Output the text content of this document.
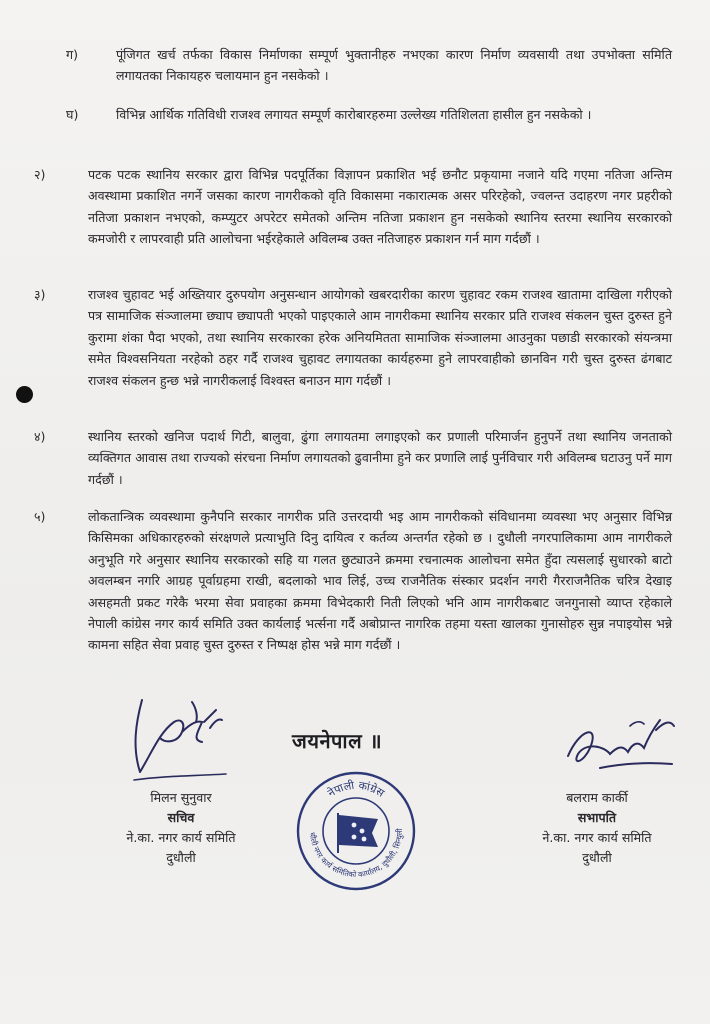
ग)	पूंजिगत खर्च तर्फका विकास निर्माणका सम्पूर्ण भुक्तानीहरु नभएका कारण निर्माण व्यवसायी तथा उपभोक्ता समिति लगायतका निकायहरु चलायमान हुन नसकेको ।
घ)	विभिन्न आर्थिक गतिविधी राजश्व लगायत सम्पूर्ण कारोबारहरुमा उल्लेख्य गतिशिलता हासील हुन नसकेको ।
२)	पटक पटक स्थानिय सरकार द्वारा विभिन्न पदपूर्तिका विज्ञापन प्रकाशित भई छनौट प्रकृयामा नजाने यदि गएमा नतिजा अन्तिम अवस्थामा प्रकाशित नगर्ने जसका कारण नागरीकको वृति विकासमा नकारात्मक असर परिरहेको, ज्वलन्त उदाहरण नगर प्रहरीको नतिजा प्रकाशन नभएको, कम्प्युटर अपरेटर समेतको अन्तिम नतिजा प्रकाशन हुन नसकेको स्थानिय स्तरमा स्थानिय सरकारको कमजोरी र लापरवाही प्रति आलोचना भईरहेकाले अविलम्ब उक्त नतिजाहरु प्रकाशन गर्न माग गर्दछौं ।
३)	राजश्व चुहावट भई अख्तियार दुरुपयोग अनुसन्धान आयोगको खबरदारीका कारण चुहावट रकम राजश्व खातामा दाखिला गरीएको पत्र सामाजिक संञ्जालमा छ्याप छ्यापती भएको पाइएकाले आम नागरीकमा स्थानिय सरकार प्रति राजश्व संकलन चुस्त दुरुस्त हुने कुरामा शंका पैदा भएको, तथा स्थानिय सरकारका हरेक अनियमितता सामाजिक संञ्जालमा आउनुका पछाडी सरकारको संयन्त्रमा समेत विश्वसनियता नरहेको ठहर गर्दै राजश्व चुहावट लगायतका कार्यहरुमा हुने लापरवाहीको छानविन गरी चुस्त दुरुस्त ढंगबाट राजश्व संकलन हुन्छ भन्ने नागरीकलाई विश्वस्त बनाउन माग गर्दछौं ।
४)	स्थानिय स्तरको खनिज पदार्थ गिटी, बालुवा, ढुंगा लगायतमा लगाइएको कर प्रणाली परिमार्जन हुनुपर्ने तथा स्थानिय जनताको व्यक्तिगत आवास तथा राज्यको संरचना निर्माण लगायतको ढुवानीमा हुने कर प्रणालि लाई पुर्नविचार गरी अविलम्ब घटाउनु पर्ने माग गर्दछौं ।
५)	लोकतान्त्रिक व्यवस्थामा कुनैपनि सरकार नागरीक प्रति उत्तरदायी भइ आम नागरीकको संविधानमा व्यवस्था भए अनुसार विभिन्न किसिमका अधिकारहरुको संरक्षणले प्रत्याभुति दिनु दायित्व र कर्तव्य अन्तर्गत रहेको छ । दुधौली नगरपालिकामा आम नागरीकले अनुभूति गरे अनुसार स्थानिय सरकारको सहि या गलत छुट्याउने क्रममा रचनात्मक आलोचना समेत हुँदा त्यसलाई सुधारको बाटो अवलम्बन नगरि आग्रह पूर्वाग्रहमा राखी, बदलाको भाव लिई, उच्च राजनैतिक संस्कार प्रदर्शन नगरी गैरराजनैतिक चरित्र देखाइ असहमती प्रकट गरेकै भरमा सेवा प्रवाहका क्रममा विभेदकारी निती लिएको भनि आम नागरीकबाट जनगुनासो व्याप्त रहेकाले नेपाली कांग्रेस नगर कार्य समिति उक्त कार्यलाई भर्त्सना गर्दै अबोप्रान्त नागरिक तहमा यस्ता खालका गुनासोहरु सुन्न नपाइयोस भन्ने कामना सहित सेवा प्रवाह चुस्त दुरुस्त र निष्पक्ष होस भन्ने माग गर्दछौं ।
जयनेपाल ॥
नेपाली कांग्रेस
धौली नगर कार्य समितिको कार्यालय, दुधौली, सिन्धुली
मिलन सुनुवार
सचिव
ने.का. नगर कार्य समिति
दुधौली
बलराम कार्की
सभापति
ने.का. नगर कार्य समिति
दुधौली
